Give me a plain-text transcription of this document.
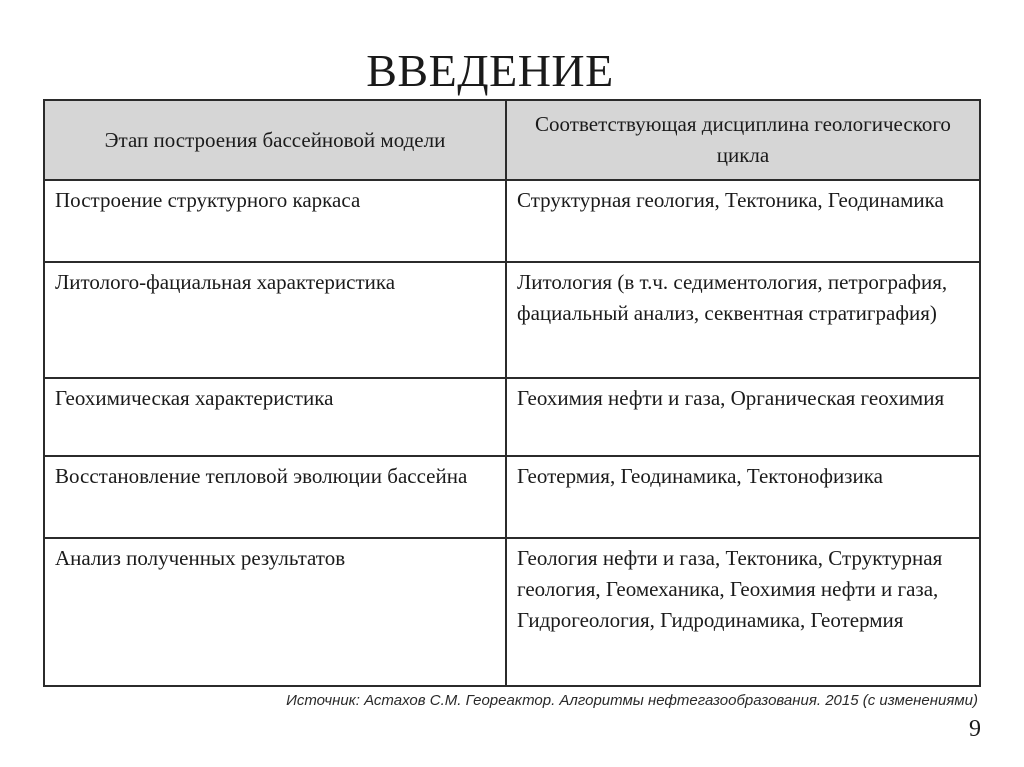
ВВЕДЕНИЕ
Этап построения бассейновой модели	Соответствующая дисциплина геологического цикла
Построение структурного каркаса	Структурная геология, Тектоника, Геодинамика
Литолого-фациальная характеристика	Литология (в т.ч. седиментология, петрография, фациальный анализ, секвентная стратиграфия)
Геохимическая характеристика	Геохимия нефти и газа, Органическая геохимия
Восстановление тепловой эволюции бассейна	Геотермия, Геодинамика, Тектонофизика
Анализ полученных результатов	Геология нефти и газа, Тектоника, Структурная геология, Геомеханика, Геохимия нефти и газа, Гидрогеология, Гидродинамика, Геотермия
Источник: Астахов С.М. Георeактор. Алгоритмы нефтегазообразования. 2015 (с изменениями)
9
